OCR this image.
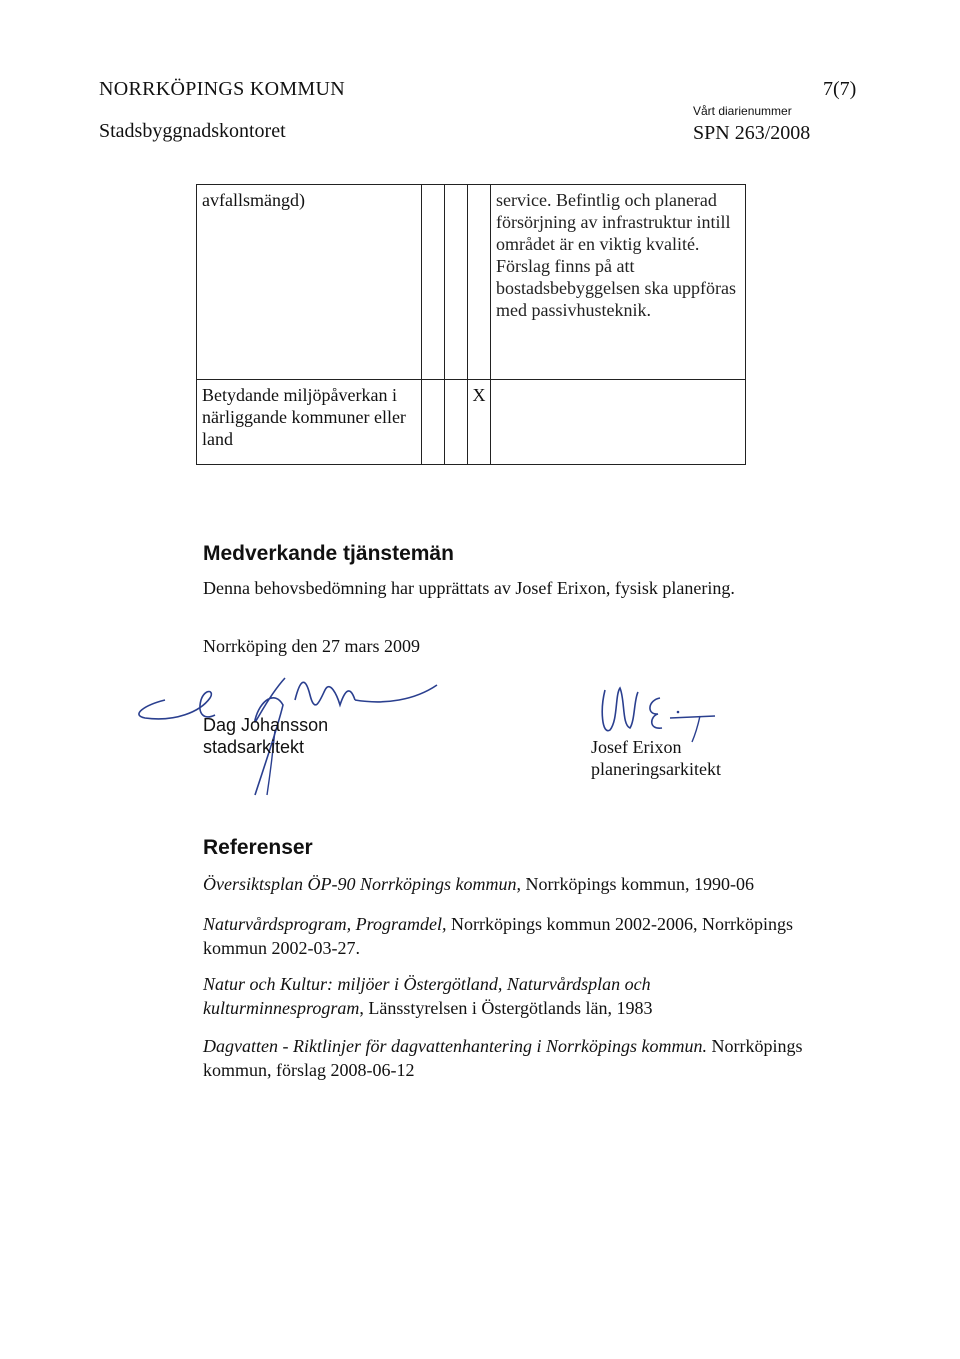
NORRKÖPINGS KOMMUN
Stadsbyggnadskontoret
7(7)
Vårt diarienummer
SPN 263/2008
avfallsmängd)				service. Befintlig och planerad försörjning av infrastruktur intill området är en viktig kvalité. Förslag finns på att bostadsbebyggelsen ska uppföras med passivhusteknik.
Betydande miljöpåverkan i närliggande kommuner eller land			X	
Medverkande tjänstemän
Denna behovsbedömning har upprättats av Josef Erixon, fysisk planering.
Norrköping den 27 mars 2009
Dag Johansson
stadsarkitekt	Josef Erixon
planeringsarkitekt
Referenser
Översiktsplan ÖP-90 Norrköpings kommun, Norrköpings kommun, 1990-06
Naturvårdsprogram, Programdel, Norrköpings kommun 2002-2006, Norrköpings kommun 2002-03-27.
Natur och Kultur: miljöer i Östergötland, Naturvårdsplan och kulturminnesprogram, Länsstyrelsen i Östergötlands län, 1983
Dagvatten - Riktlinjer för dagvattenhantering i Norrköpings kommun. Norrköpings kommun, förslag 2008-06-12
